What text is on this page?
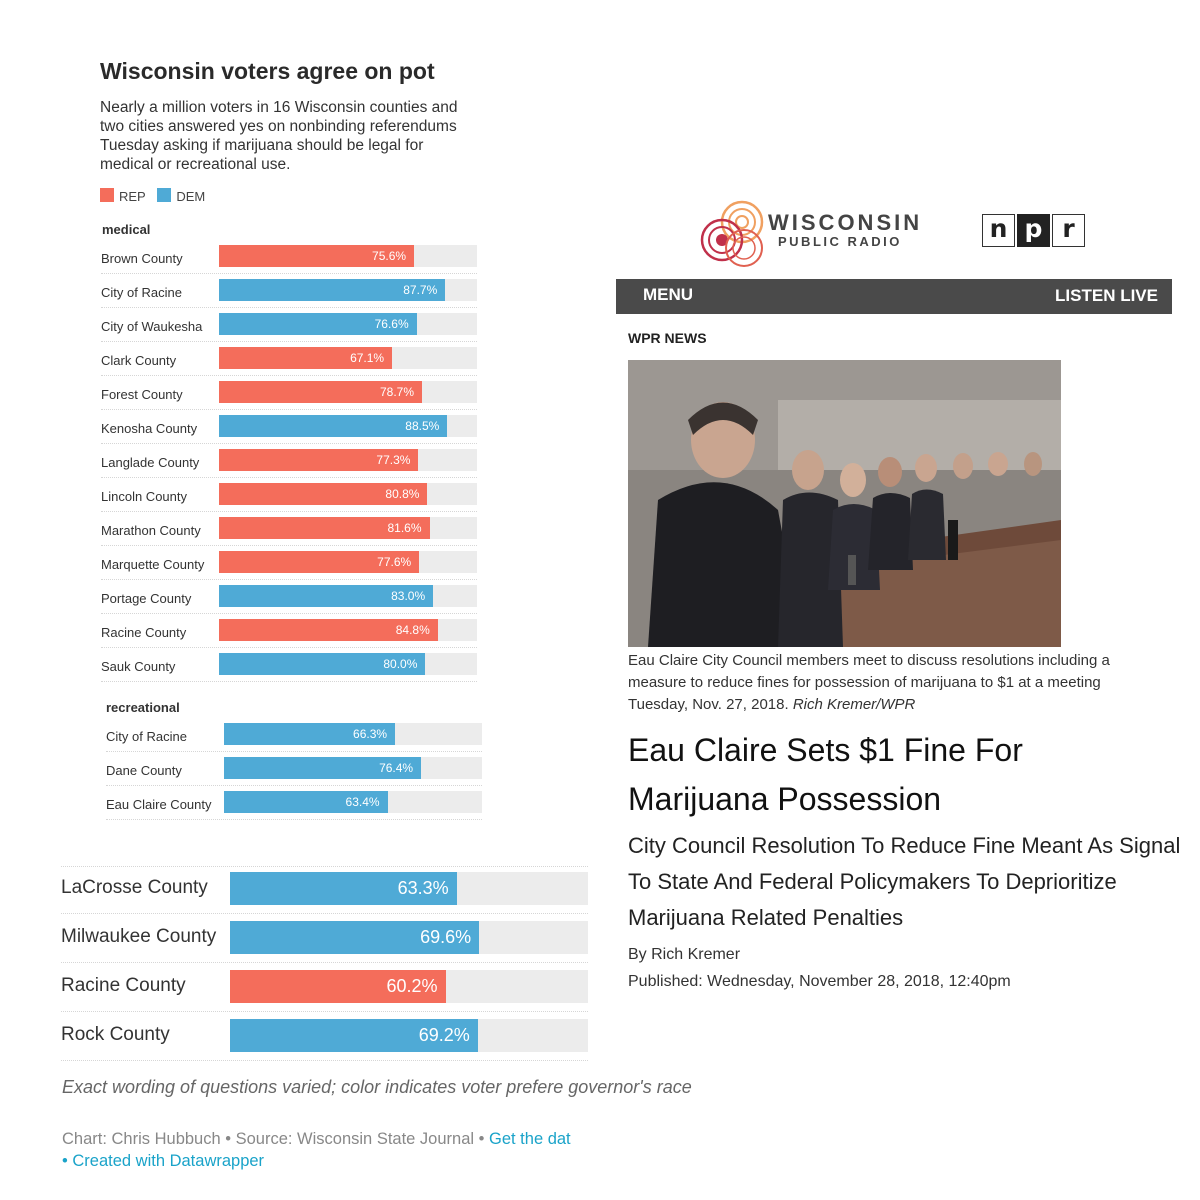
Wisconsin voters agree on pot
Nearly a million voters in 16 Wisconsin counties and two cities answered yes on nonbinding referendums Tuesday asking if marijuana should be legal for medical or recreational use.
REP DEM
medical
recreational
Brown County	75.6%
City of Racine	87.7%
City of Waukesha	76.6%
Clark County	67.1%
Forest County	78.7%
Kenosha County	88.5%
Langlade County	77.3%
Lincoln County	80.8%
Marathon County	81.6%
Marquette County	77.6%
Portage County	83.0%
Racine County	84.8%
Sauk County	80.0%
City of Racine	66.3%
Dane County	76.4%
Eau Claire County	63.4%
LaCrosse County	63.3%
Milwaukee County	69.6%
Racine County	60.2%
Rock County	69.2%
Exact wording of questions varied; color indicates voter prefere governor's race
Chart: Chris Hubbuch • Source: Wisconsin State Journal • Get the dat
• Created with Datawrapper
WISCONSIN
PUBLIC RADIO	n p r
MENU	LISTEN LIVE
WPR NEWS
Eau Claire City Council members meet to discuss resolutions including a measure to reduce fines for possession of marijuana to $1 at a meeting Tuesday, Nov. 27, 2018. Rich Kremer/WPR
Eau Claire Sets $1 Fine For Marijuana Possession
City Council Resolution To Reduce Fine Meant As Signal To State And Federal Policymakers To Deprioritize Marijuana Related Penalties
By Rich Kremer
Published: Wednesday, November 28, 2018, 12:40pm
